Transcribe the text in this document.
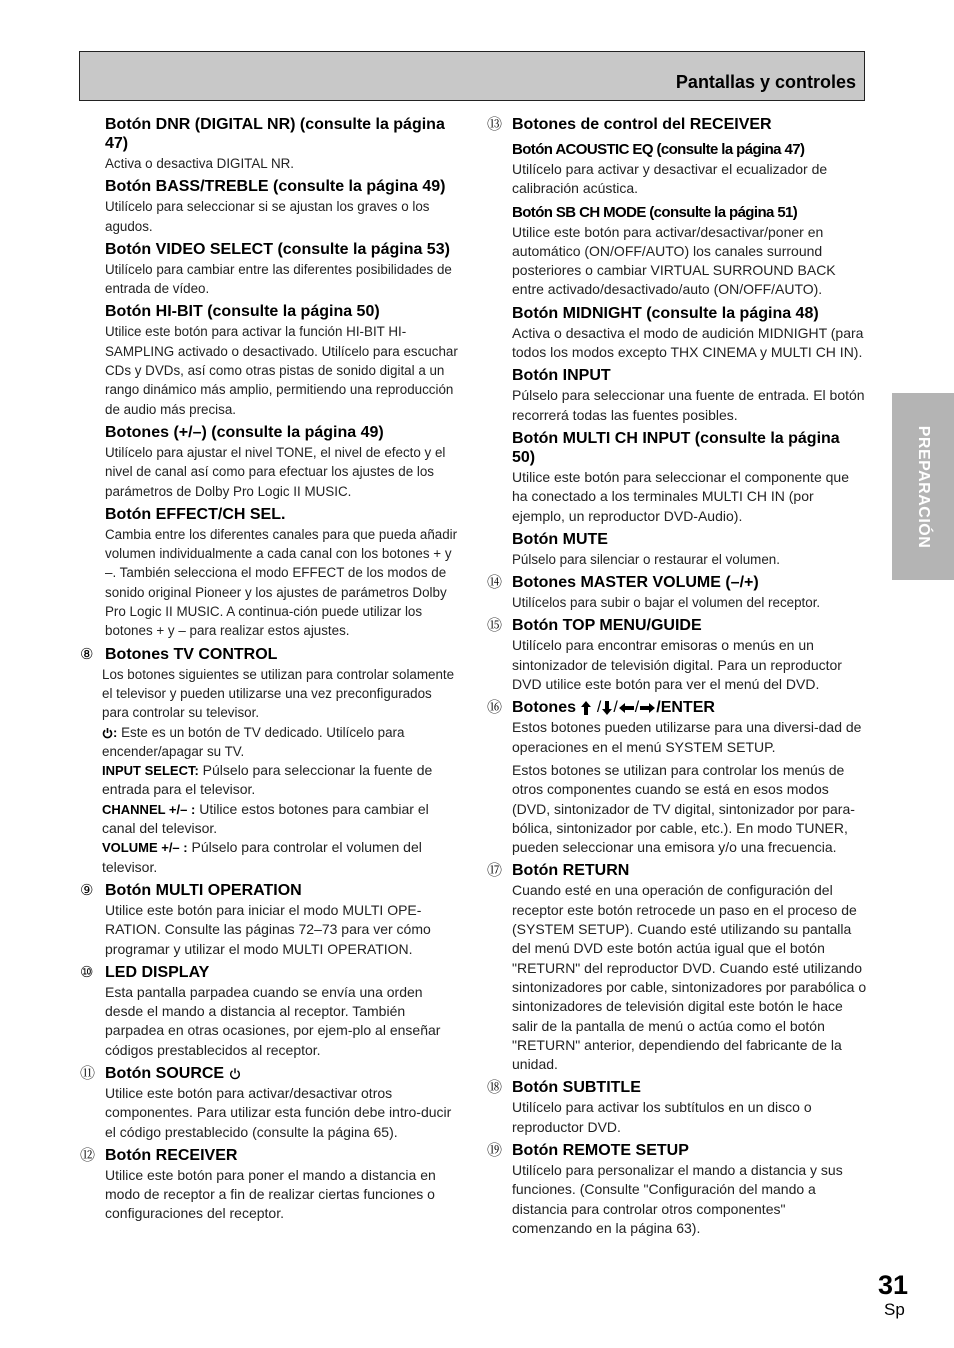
Pantallas y controles
PREPARACIÓN
Botón DNR (DIGITAL NR) (consulte la página 47)
Activa o desactiva DIGITAL NR.
Botón BASS/TREBLE (consulte la página 49)
Utilícelo para seleccionar si se ajustan los graves o los agudos.
Botón VIDEO SELECT (consulte la página 53)
Utilícelo para cambiar entre las diferentes posibilidades de entrada de vídeo.
Botón HI-BIT (consulte la página 50)
Utilice este botón para activar la función HI-BIT HI-SAMPLING activado o desactivado. Utilícelo para escuchar CDs y DVDs, así como otras pistas de sonido digital a un rango dinámico más amplio, permitiendo una reproducción de audio más precisa.
Botones (+/–) (consulte la página 49)
Utilícelo para ajustar el nivel TONE, el nivel de efecto y el nivel de canal así como para efectuar los ajustes de los parámetros de Dolby Pro Logic II MUSIC.
Botón EFFECT/CH SEL.
Cambia entre los diferentes canales para que pueda añadir volumen individualmente a cada canal con los botones + y –. También selecciona el modo EFFECT de los modos de sonido original Pioneer y los ajustes de parámetros Dolby Pro Logic II MUSIC. A continua-ción puede utilizar los botones + y – para realizar estos ajustes.
⑧ Botones TV CONTROL
Los botones siguientes se utilizan para controlar solamente el televisor y pueden utilizarse una vez preconfigurados para controlar su televisor.
: Este es un botón de TV dedicado. Utilícelo para encender/apagar su TV.
INPUT SELECT: Púlselo para seleccionar la fuente de entrada para el televisor.
CHANNEL +/– : Utilice estos botones para cambiar el canal del televisor.
VOLUME +/– : Púlselo para controlar el volumen del televisor.
⑨ Botón MULTI OPERATION
Utilice este botón para iniciar el modo MULTI OPE-RATION. Consulte las páginas 72–73 para ver cómo programar y utilizar el modo MULTI OPERATION.
⑩ LED DISPLAY
Esta pantalla parpadea cuando se envía una orden desde el mando a distancia al receptor. También parpadea en otras ocasiones, por ejem-plo al enseñar códigos prestablecidos al receptor.
⑪ Botón SOURCE
Utilice este botón para activar/desactivar otros componentes. Para utilizar esta función debe intro-ducir el código prestablecido (consulte la página 65).
⑫ Botón RECEIVER
Utilice este botón para poner el mando a distancia en modo de receptor a fin de realizar ciertas funciones o configuraciones del receptor.
⑬ Botones de control del RECEIVER
Botón ACOUSTIC EQ (consulte la página 47)
Utilícelo para activar y desactivar el ecualizador de calibración acústica.
Botón SB CH MODE (consulte la página 51)
Utilice este botón para activar/desactivar/poner en automático (ON/OFF/AUTO) los canales surround posteriores o cambiar VIRTUAL SURROUND BACK entre activado/desactivado/auto (ON/OFF/AUTO).
Botón MIDNIGHT (consulte la página 48)
Activa o desactiva el modo de audición MIDNIGHT (para todos los modos excepto THX CINEMA y MULTI CH IN).
Botón INPUT
Púlselo para seleccionar una fuente de entrada. El botón recorrerá todas las fuentes posibles.
Botón MULTI CH INPUT (consulte la página 50)
Utilice este botón para seleccionar el componente que ha conectado a los terminales MULTI CH IN (por ejemplo, un reproductor DVD-Audio).
Botón MUTE
Púlselo para silenciar o restaurar el volumen.
⑭ Botones MASTER VOLUME (–/+)
Utilícelos para subir o bajar el volumen del receptor.
⑮ Botón TOP MENU/GUIDE
Utilícelo para encontrar emisoras o menús en un sintonizador de televisión digital. Para un reproductor DVD utilice este botón para ver el menú del DVD.
⑯ Botones  / / / /ENTER
Estos botones pueden utilizarse para una diversi-dad de operaciones en el menú SYSTEM SETUP.
Estos botones se utilizan para controlar los menús de otros componentes cuando se está en esos modos (DVD, sintonizador de TV digital, sintonizador por para-bólica, sintonizador por cable, etc.). En modo TUNER, pueden seleccionar una emisora y/o una frecuencia.
⑰ Botón RETURN
Cuando esté en una operación de configuración del receptor este botón retrocede un paso en el proceso de (SYSTEM SETUP). Cuando esté utilizando su pantalla del menú DVD este botón actúa igual que el botón "RETURN" del reproductor DVD. Cuando esté utilizando sintonizadores por cable, sintonizadores por parabólica o sintonizadores de televisión digital este botón le hace salir de la pantalla de menú o actúa como el botón "RETURN" anterior, dependiendo del fabricante de la unidad.
⑱ Botón SUBTITLE
Utilícelo para activar los subtítulos en un disco o reproductor DVD.
⑲ Botón REMOTE SETUP
Utilícelo para personalizar el mando a distancia y sus funciones. (Consulte "Configuración del mando a distancia para controlar otros componentes" comenzando en la página 63).
31
Sp
